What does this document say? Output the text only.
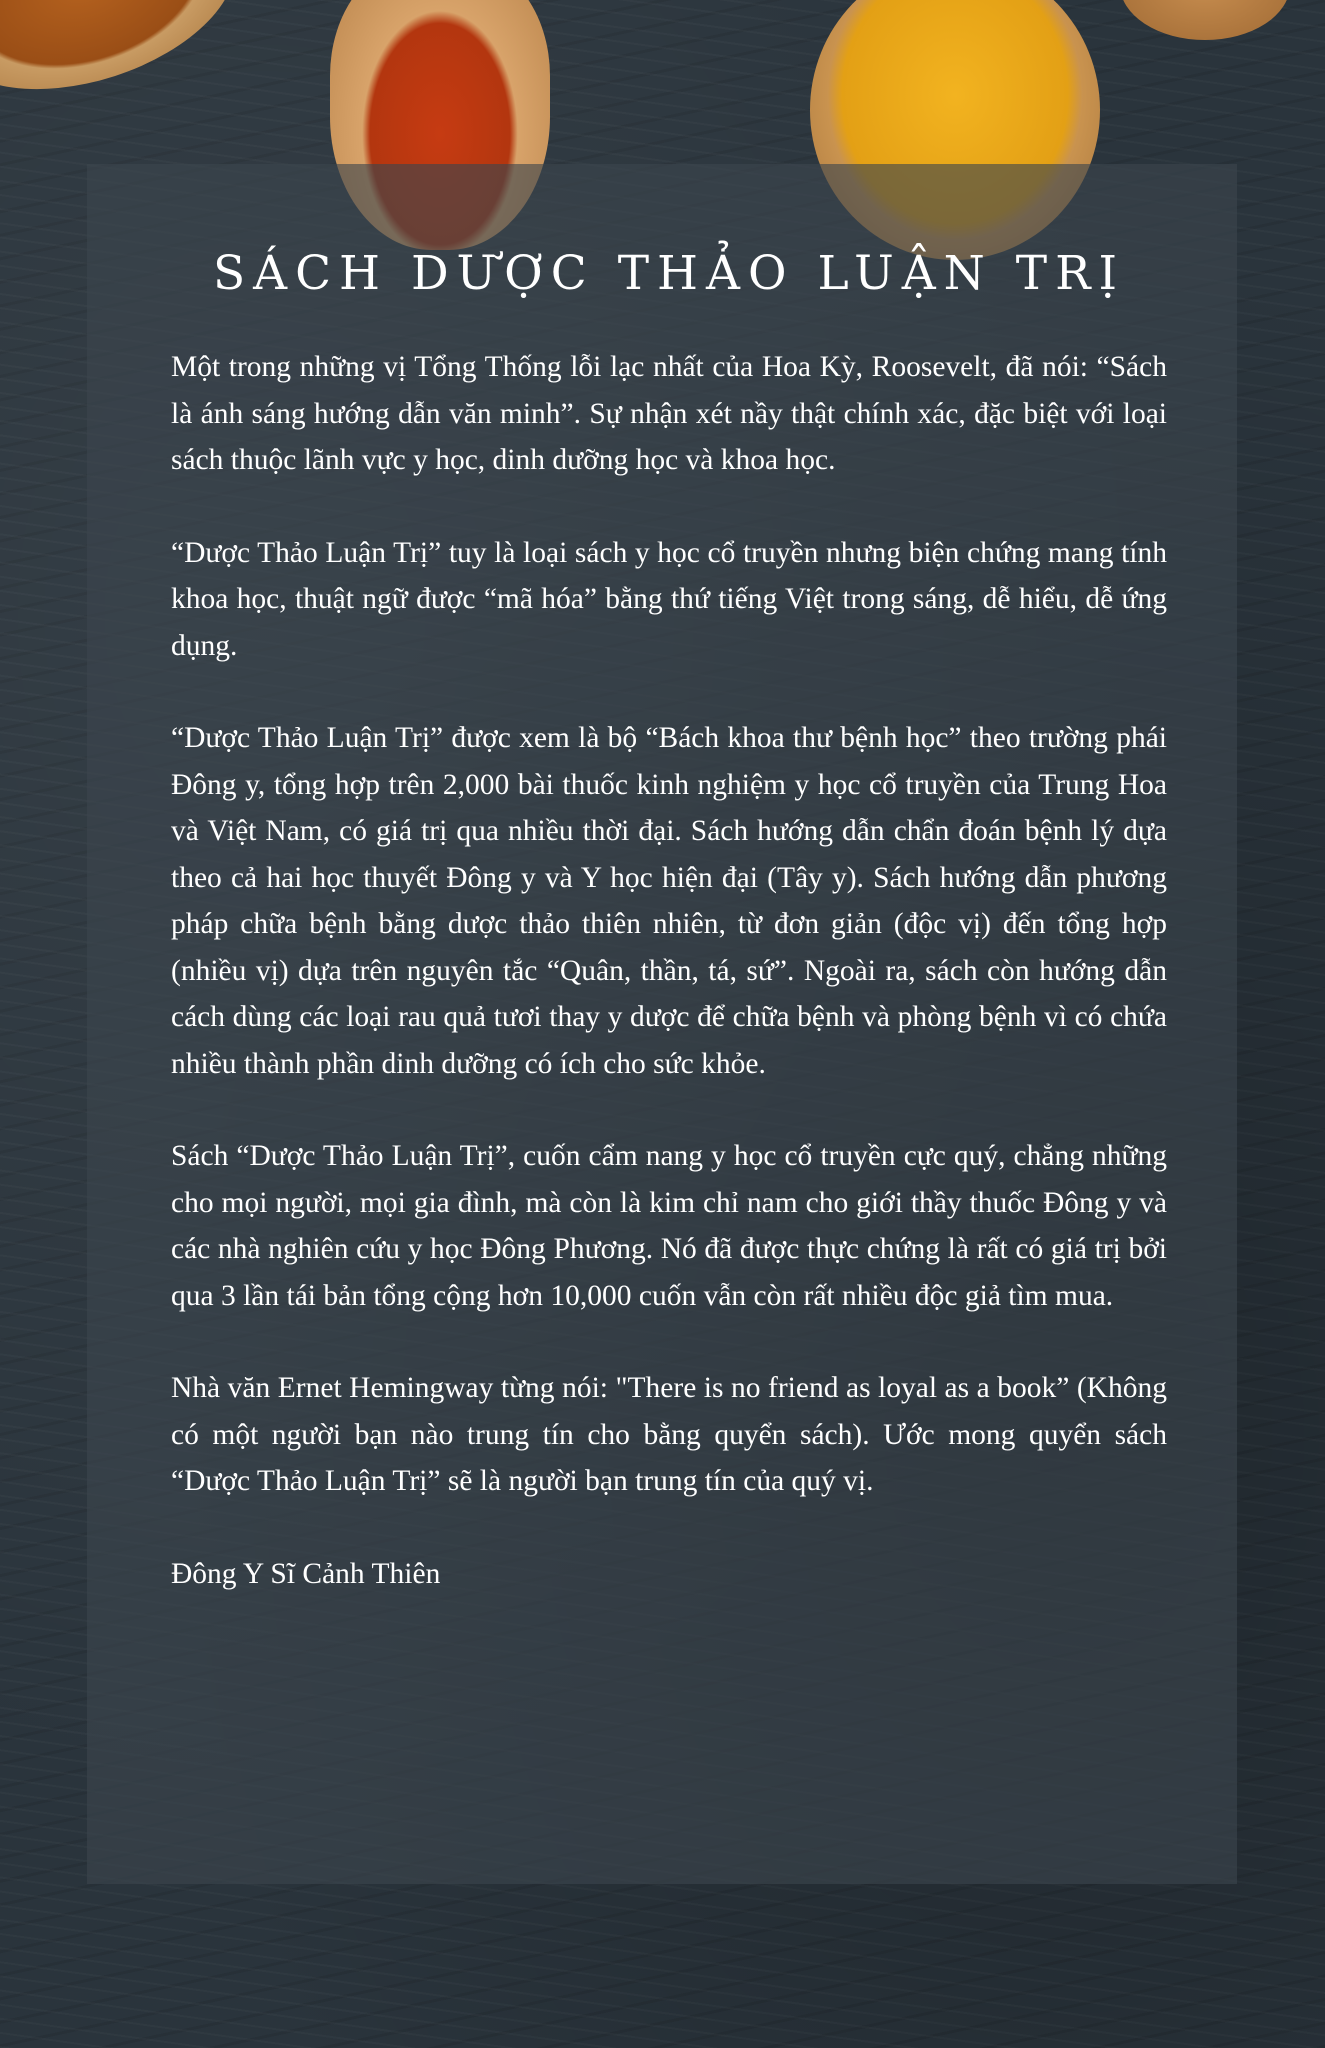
SÁCH DƯỢC THẢO LUẬN TRỊ

Một trong những vị Tổng Thống lỗi lạc nhất của Hoa Kỳ, Roosevelt, đã nói: “Sách là ánh sáng hướng dẫn văn minh”. Sự nhận xét nầy thật chính xác, đặc biệt với loại sách thuộc lãnh vực y học, dinh dưỡng học và khoa học.

“Dược Thảo Luận Trị” tuy là loại sách y học cổ truyền nhưng biện chứng mang tính khoa học, thuật ngữ được “mã hóa” bằng thứ tiếng Việt trong sáng, dễ hiểu, dễ ứng dụng.

“Dược Thảo Luận Trị” được xem là bộ “Bách khoa thư bệnh học” theo trường phái Đông y, tổng hợp trên 2,000 bài thuốc kinh nghiệm y học cổ truyền của Trung Hoa và Việt Nam, có giá trị qua nhiều thời đại. Sách hướng dẫn chẩn đoán bệnh lý dựa theo cả hai học thuyết Đông y và Y học hiện đại (Tây y). Sách hướng dẫn phương pháp chữa bệnh bằng dược thảo thiên nhiên, từ đơn giản (độc vị) đến tổng hợp (nhiều vị) dựa trên nguyên tắc “Quân, thần, tá, sứ”. Ngoài ra, sách còn hướng dẫn cách dùng các loại rau quả tươi thay y dược để chữa bệnh và phòng bệnh vì có chứa nhiều thành phần dinh dưỡng có ích cho sức khỏe.

Sách “Dược Thảo Luận Trị”, cuốn cẩm nang y học cổ truyền cực quý, chẳng những cho mọi người, mọi gia đình, mà còn là kim chỉ nam cho giới thầy thuốc Đông y và các nhà nghiên cứu y học Đông Phương. Nó đã được thực chứng là rất có giá trị bởi qua 3 lần tái bản tổng cộng hơn 10,000 cuốn vẫn còn rất nhiều độc giả tìm mua.

Nhà văn Ernet Hemingway từng nói: "There is no friend as loyal as a book” (Không có một người bạn nào trung tín cho bằng quyển sách). Ước mong quyển sách “Dược Thảo Luận Trị” sẽ là người bạn trung tín của quý vị.

Đông Y Sĩ Cảnh Thiên
